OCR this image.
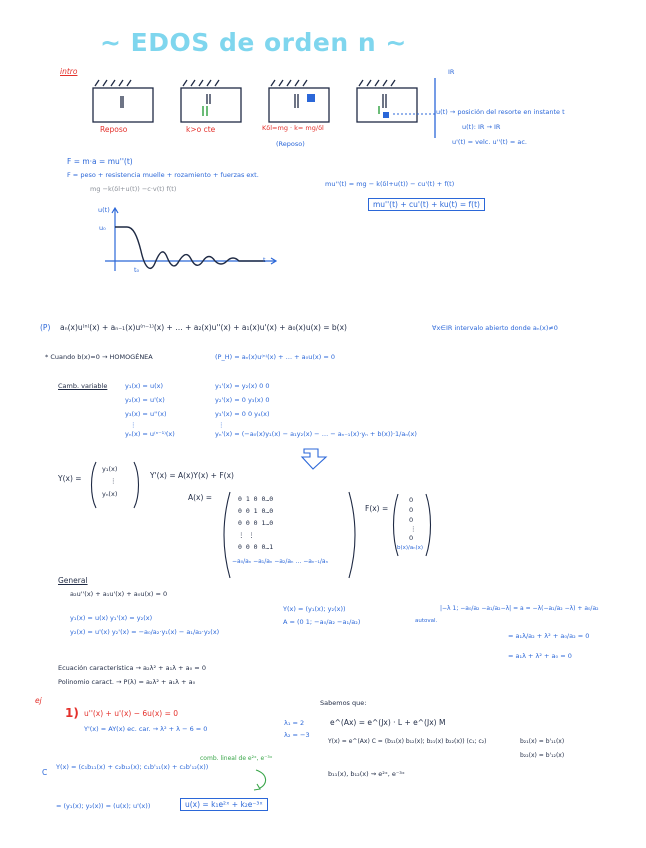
~ EDOS de orden n ~
intro
Reposo	k>o cte	Kδl=mg · k= mg/δl
(Reposo)
IR
u(t) → posición del resorte en instante t
u(t): IR → IR
u'(t) = velc. u''(t) = ac.
F = m·a = mu''(t)
F = peso + resistencia muelle + rozamiento + fuerzas ext.
mg −k(δl+u(t)) −c·v(t) f(t)
mu''(t) = mg − k(δl+u(t)) − cu'(t) + f(t)
mu''(t) + cu'(t) + ku(t) = f(t)
u(t)
u₀
t
t₀
(P) aₙ(x)u⁽ⁿ⁾(x) + aₙ₋₁(x)u⁽ⁿ⁻¹⁾(x) + … + a₂(x)u''(x) + a₁(x)u'(x) + a₀(x)u(x) = b(x)	∀x∈IR intervalo abierto donde aₙ(x)≠0
* Cuando b(x)=0 → HOMOGÉNEA	(P_H) = aₙ(x)u⁽ⁿ⁾(x) + … + a₀u(x) = 0
Camb. variable	y₁(x) = u(x)
y₂(x) = u'(x)
y₃(x) = u''(x)
⋮
yₙ(x) = u⁽ⁿ⁻¹⁾(x)
y₁'(x) = y₂(x) 0 0
y₂'(x) = 0 y₃(x) 0
y₃'(x) = 0 0 y₄(x)
⋮
yₙ'(x) = (−a₀(x)y₁(x) − a₁y₂(x) − … − aₙ₋₁(x)·yₙ + b(x))·1/aₙ(x)
Y(x) =
y₁(x)
⋮
yₙ(x)
Y'(x) = A(x)Y(x) + F(x)
A(x) =	0 1 0 0…0
0 0 1 0…0
0 0 0 1…0
⋮ ⋮
0 0 0 0…1
−a₀/aₙ −a₁/aₙ −a₂/aₙ … −aₙ₋₁/aₙ
F(x) =
0
0
0
⋮
0
b(x)/aₙ(x)
General
a₂u''(x) + a₁u'(x) + a₀u(x) = 0
y₁(x) = u(x) y₁'(x) = y₂(x)
y₂(x) = u'(x) y₂'(x) = −a₀/a₂·y₁(x) − a₁/a₂·y₂(x)
Y(x) = (y₁(x); y₂(x))
A = (0 1; −a₀/a₂ −a₁/a₂)	autoval.
|−λ 1; −a₀/a₂ −a₁/a₂−λ| = a = −λ(−a₁/a₂ −λ) + a₀/a₂
= a₁λ/a₂ + λ² + a₀/a₂ = 0
= a₁λ + λ² + a₀ = 0
Ecuación característica → a₂λ² + a₁λ + a₀ = 0
Polinomio caract. → P(λ) = a₂λ² + a₁λ + a₀
ej
1) u''(x) + u'(x) − 6u(x) = 0
Y'(x) = AY(x) ec. car. → λ² + λ − 6 = 0
λ₁ = 2
λ₂ = −3
C
Y(x) = (c₁b₁₁(x) + c₂b₁₂(x); c₁b'₁₁(x) + c₂b'₁₂(x))
comb. lineal de e²ˣ, e⁻³ˣ
= (y₁(x); y₂(x)) = (u(x); u'(x))	u(x) = k₁e²ˣ + k₂e⁻³ˣ
Sabemos que:
e^(Ax) = e^(Jx) · L + e^(Jx) M
Y(x) = e^(Ax) C = (b₁₁(x) b₁₂(x); b₂₁(x) b₂₂(x)) (c₁; c₂)	b₂₁(x) = b'₁₁(x)
b₂₂(x) = b'₁₂(x)
b₁₁(x), b₁₂(x) ⇝ e²ˣ, e⁻³ˣ
